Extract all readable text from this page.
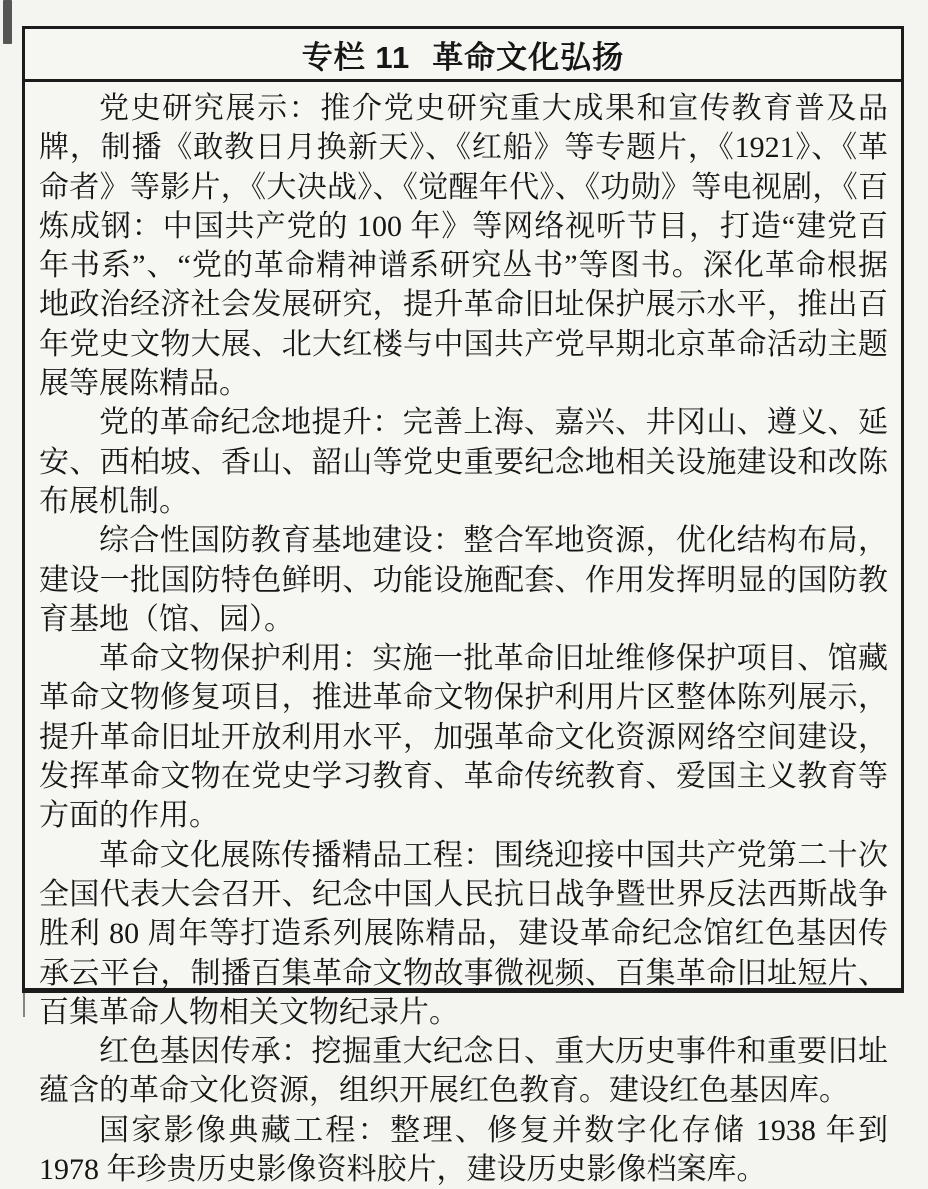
专栏 11 革命文化弘扬

党史研究展示：推介党史研究重大成果和宣传教育普及品牌，制播《敢教日月换新天》、《红船》等专题片，《1921》、《革命者》等影片，《大决战》、《觉醒年代》、《功勋》等电视剧，《百炼成钢：中国共产党的 100 年》等网络视听节目，打造“建党百年书系”、“党的革命精神谱系研究丛书”等图书。深化革命根据地政治经济社会发展研究，提升革命旧址保护展示水平，推出百年党史文物大展、北大红楼与中国共产党早期北京革命活动主题展等展陈精品。

党的革命纪念地提升：完善上海、嘉兴、井冈山、遵义、延安、西柏坡、香山、韶山等党史重要纪念地相关设施建设和改陈布展机制。

综合性国防教育基地建设：整合军地资源，优化结构布局，建设一批国防特色鲜明、功能设施配套、作用发挥明显的国防教育基地（馆、园）。

革命文物保护利用：实施一批革命旧址维修保护项目、馆藏革命文物修复项目，推进革命文物保护利用片区整体陈列展示，提升革命旧址开放利用水平，加强革命文化资源网络空间建设，发挥革命文物在党史学习教育、革命传统教育、爱国主义教育等方面的作用。

革命文化展陈传播精品工程：围绕迎接中国共产党第二十次全国代表大会召开、纪念中国人民抗日战争暨世界反法西斯战争胜利 80 周年等打造系列展陈精品，建设革命纪念馆红色基因传承云平台，制播百集革命文物故事微视频、百集革命旧址短片、百集革命人物相关文物纪录片。

红色基因传承：挖掘重大纪念日、重大历史事件和重要旧址蕴含的革命文化资源，组织开展红色教育。建设红色基因库。

国家影像典藏工程：整理、修复并数字化存储 1938 年到 1978 年珍贵历史影像资料胶片，建设历史影像档案库。
